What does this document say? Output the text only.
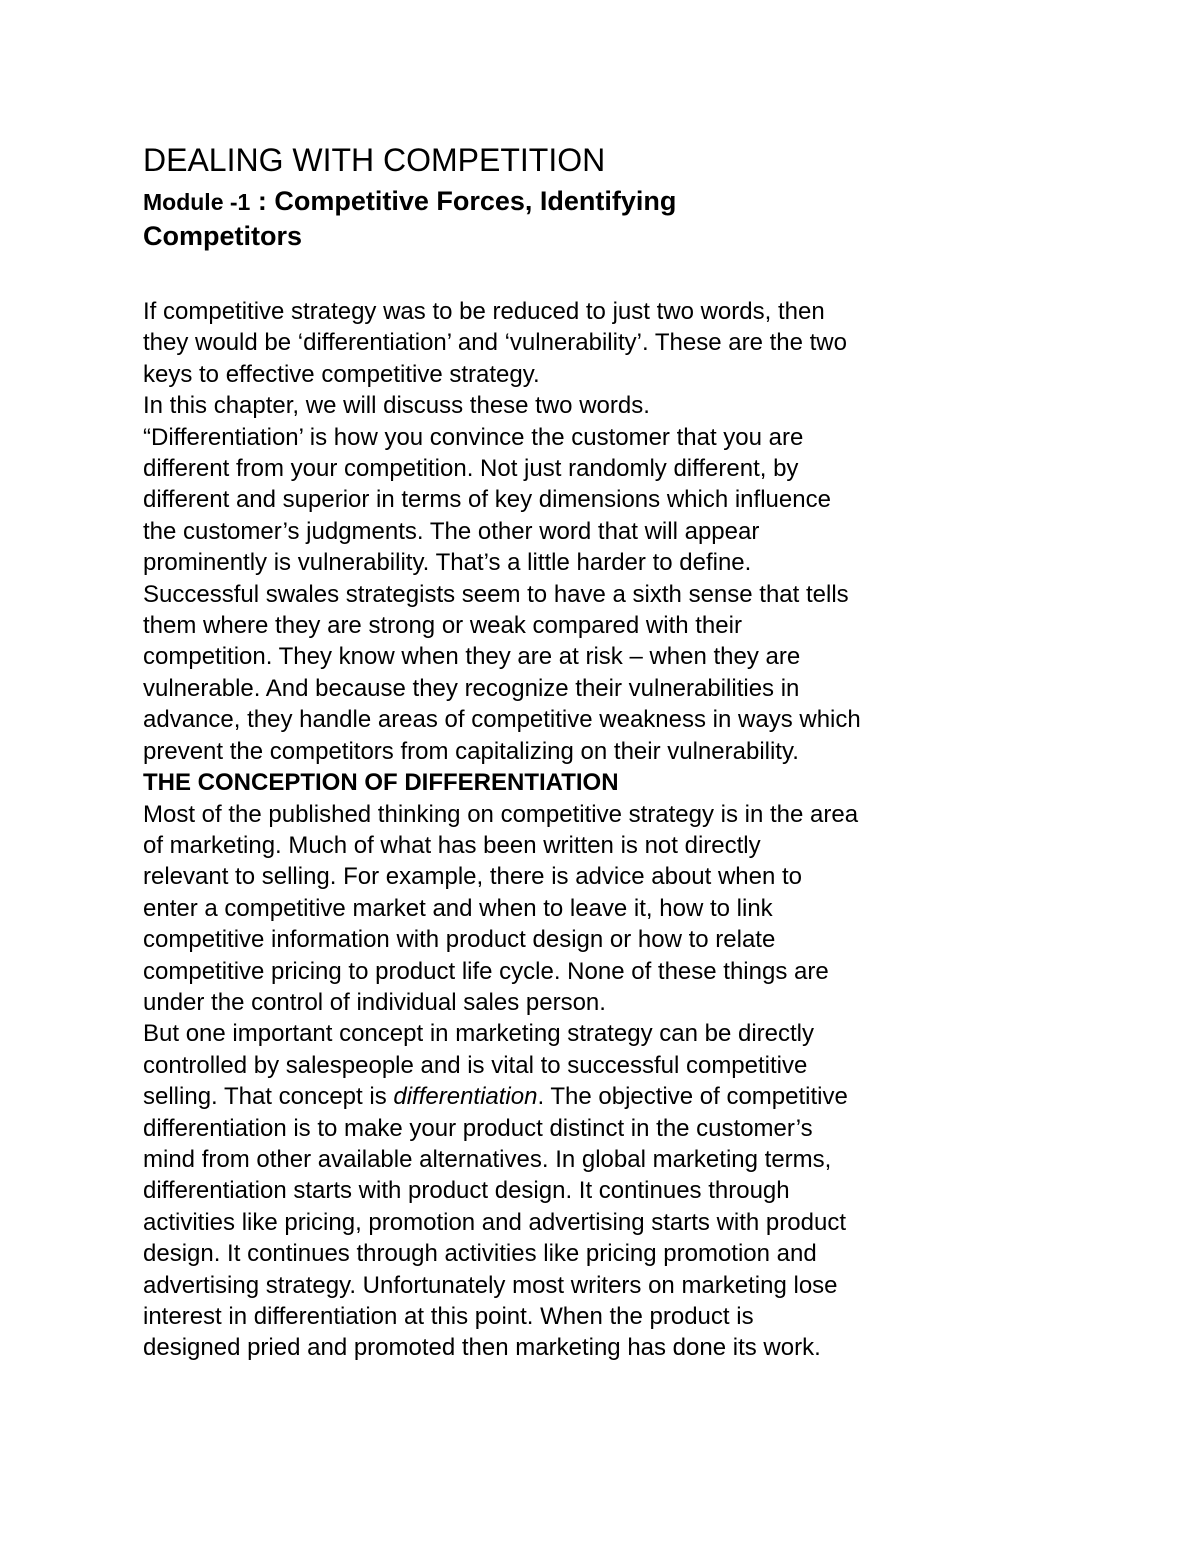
DEALING WITH COMPETITION
Module -1 : Competitive Forces, Identifying
Competitors
If competitive strategy was to be reduced to just two words, then
they would be ‘differentiation’ and ‘vulnerability’. These are the two
keys to effective competitive strategy.
In this chapter, we will discuss these two words.
“Differentiation’ is how you convince the customer that you are
different from your competition. Not just randomly different, by
different and superior in terms of key dimensions which influence
the customer’s judgments. The other word that will appear
prominently is vulnerability. That’s a little harder to define.
Successful swales strategists seem to have a sixth sense that tells
them where they are strong or weak compared with their
competition. They know when they are at risk – when they are
vulnerable. And because they recognize their vulnerabilities in
advance, they handle areas of competitive weakness in ways which
prevent the competitors from capitalizing on their vulnerability.
THE CONCEPTION OF DIFFERENTIATION
Most of the published thinking on competitive strategy is in the area
of marketing. Much of what has been written is not directly
relevant to selling. For example, there is advice about when to
enter a competitive market and when to leave it, how to link
competitive information with product design or how to relate
competitive pricing to product life cycle. None of these things are
under the control of individual sales person.
But one important concept in marketing strategy can be directly
controlled by salespeople and is vital to successful competitive
selling. That concept is differentiation. The objective of competitive
differentiation is to make your product distinct in the customer’s
mind from other available alternatives. In global marketing terms,
differentiation starts with product design. It continues through
activities like pricing, promotion and advertising starts with product
design. It continues through activities like pricing promotion and
advertising strategy. Unfortunately most writers on marketing lose
interest in differentiation at this point. When the product is
designed pried and promoted then marketing has done its work.
